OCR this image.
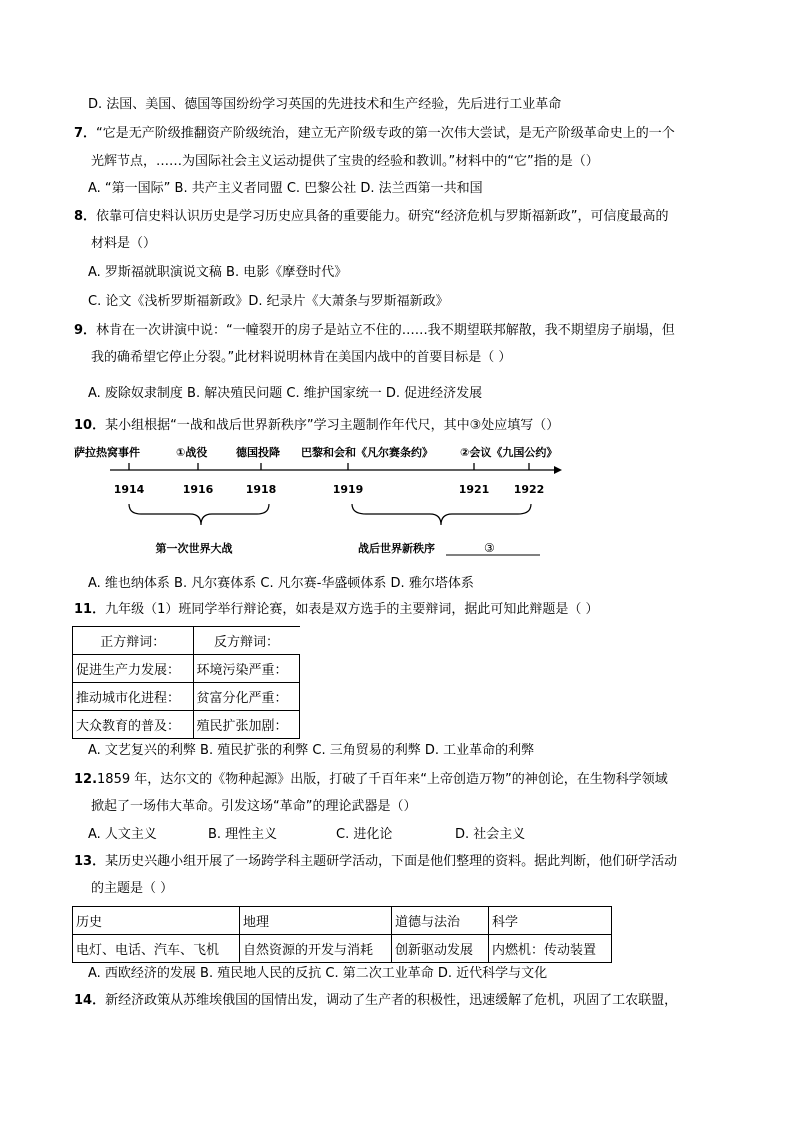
D. 法国、美国、德国等国纷纷学习英国的先进技术和生产经验，先后进行工业革命
7．“它是无产阶级推翻资产阶级统治，建立无产阶级专政的第一次伟大尝试，是无产阶级革命史上的一个
光辉节点，……为国际社会主义运动提供了宝贵的经验和教训。”材料中的“它”指的是（）
A. “第一国际” B. 共产主义者同盟 C. 巴黎公社 D. 法兰西第一共和国
8．依靠可信史料认识历史是学习历史应具备的重要能力。研究“经济危机与罗斯福新政”，可信度最高的
材料是（）
A. 罗斯福就职演说文稿 B. 电影《摩登时代》
C. 论文《浅析罗斯福新政》D. 纪录片《大萧条与罗斯福新政》
9．林肯在一次讲演中说：“一幢裂开的房子是站立不住的……我不期望联邦解散，我不期望房子崩塌，但
我的确希望它停止分裂。”此材料说明林肯在美国内战中的首要目标是（ ）
A. 废除奴隶制度 B. 解决殖民问题 C. 维护国家统一 D. 促进经济发展
10．某小组根据“一战和战后世界新秩序”学习主题制作年代尺，其中③处应填写（）
萨拉热窝事件	①战役	德国投降 巴黎和会和《凡尔赛条约》 ②会议《九国公约》
1914	1916	1918	1919	1921 1922
第一次世界大战	战后世界新秩序	③
A. 维也纳体系 B. 凡尔赛体系 C. 凡尔赛-华盛顿体系 D. 雅尔塔体系
11．九年级（1）班同学举行辩论赛，如表是双方选手的主要辩词，据此可知此辩题是（ ）
正方辩词：	反方辩词：
促进生产力发展：	环境污染严重：
推动城市化进程：	贫富分化严重：
大众教育的普及：	殖民扩张加剧：
A. 文艺复兴的利弊 B. 殖民扩张的利弊 C. 三角贸易的利弊 D. 工业革命的利弊
12.1859 年，达尔文的《物种起源》出版，打破了千百年来“上帝创造万物”的神创论，在生物科学领域
掀起了一场伟大革命。引发这场“革命”的理论武器是（）
A. 人文主义	B. 理性主义	C. 进化论	D. 社会主义
13．某历史兴趣小组开展了一场跨学科主题研学活动，下面是他们整理的资料。据此判断，他们研学活动
的主题是（ ）
历史	地理	道德与法治	科学
电灯、电话、汽车、飞机	自然资源的开发与消耗	创新驱动发展	内燃机：传动装置
A. 西欧经济的发展 B. 殖民地人民的反抗 C. 第二次工业革命 D. 近代科学与文化
14．新经济政策从苏维埃俄国的国情出发，调动了生产者的积极性，迅速缓解了危机，巩固了工农联盟，
